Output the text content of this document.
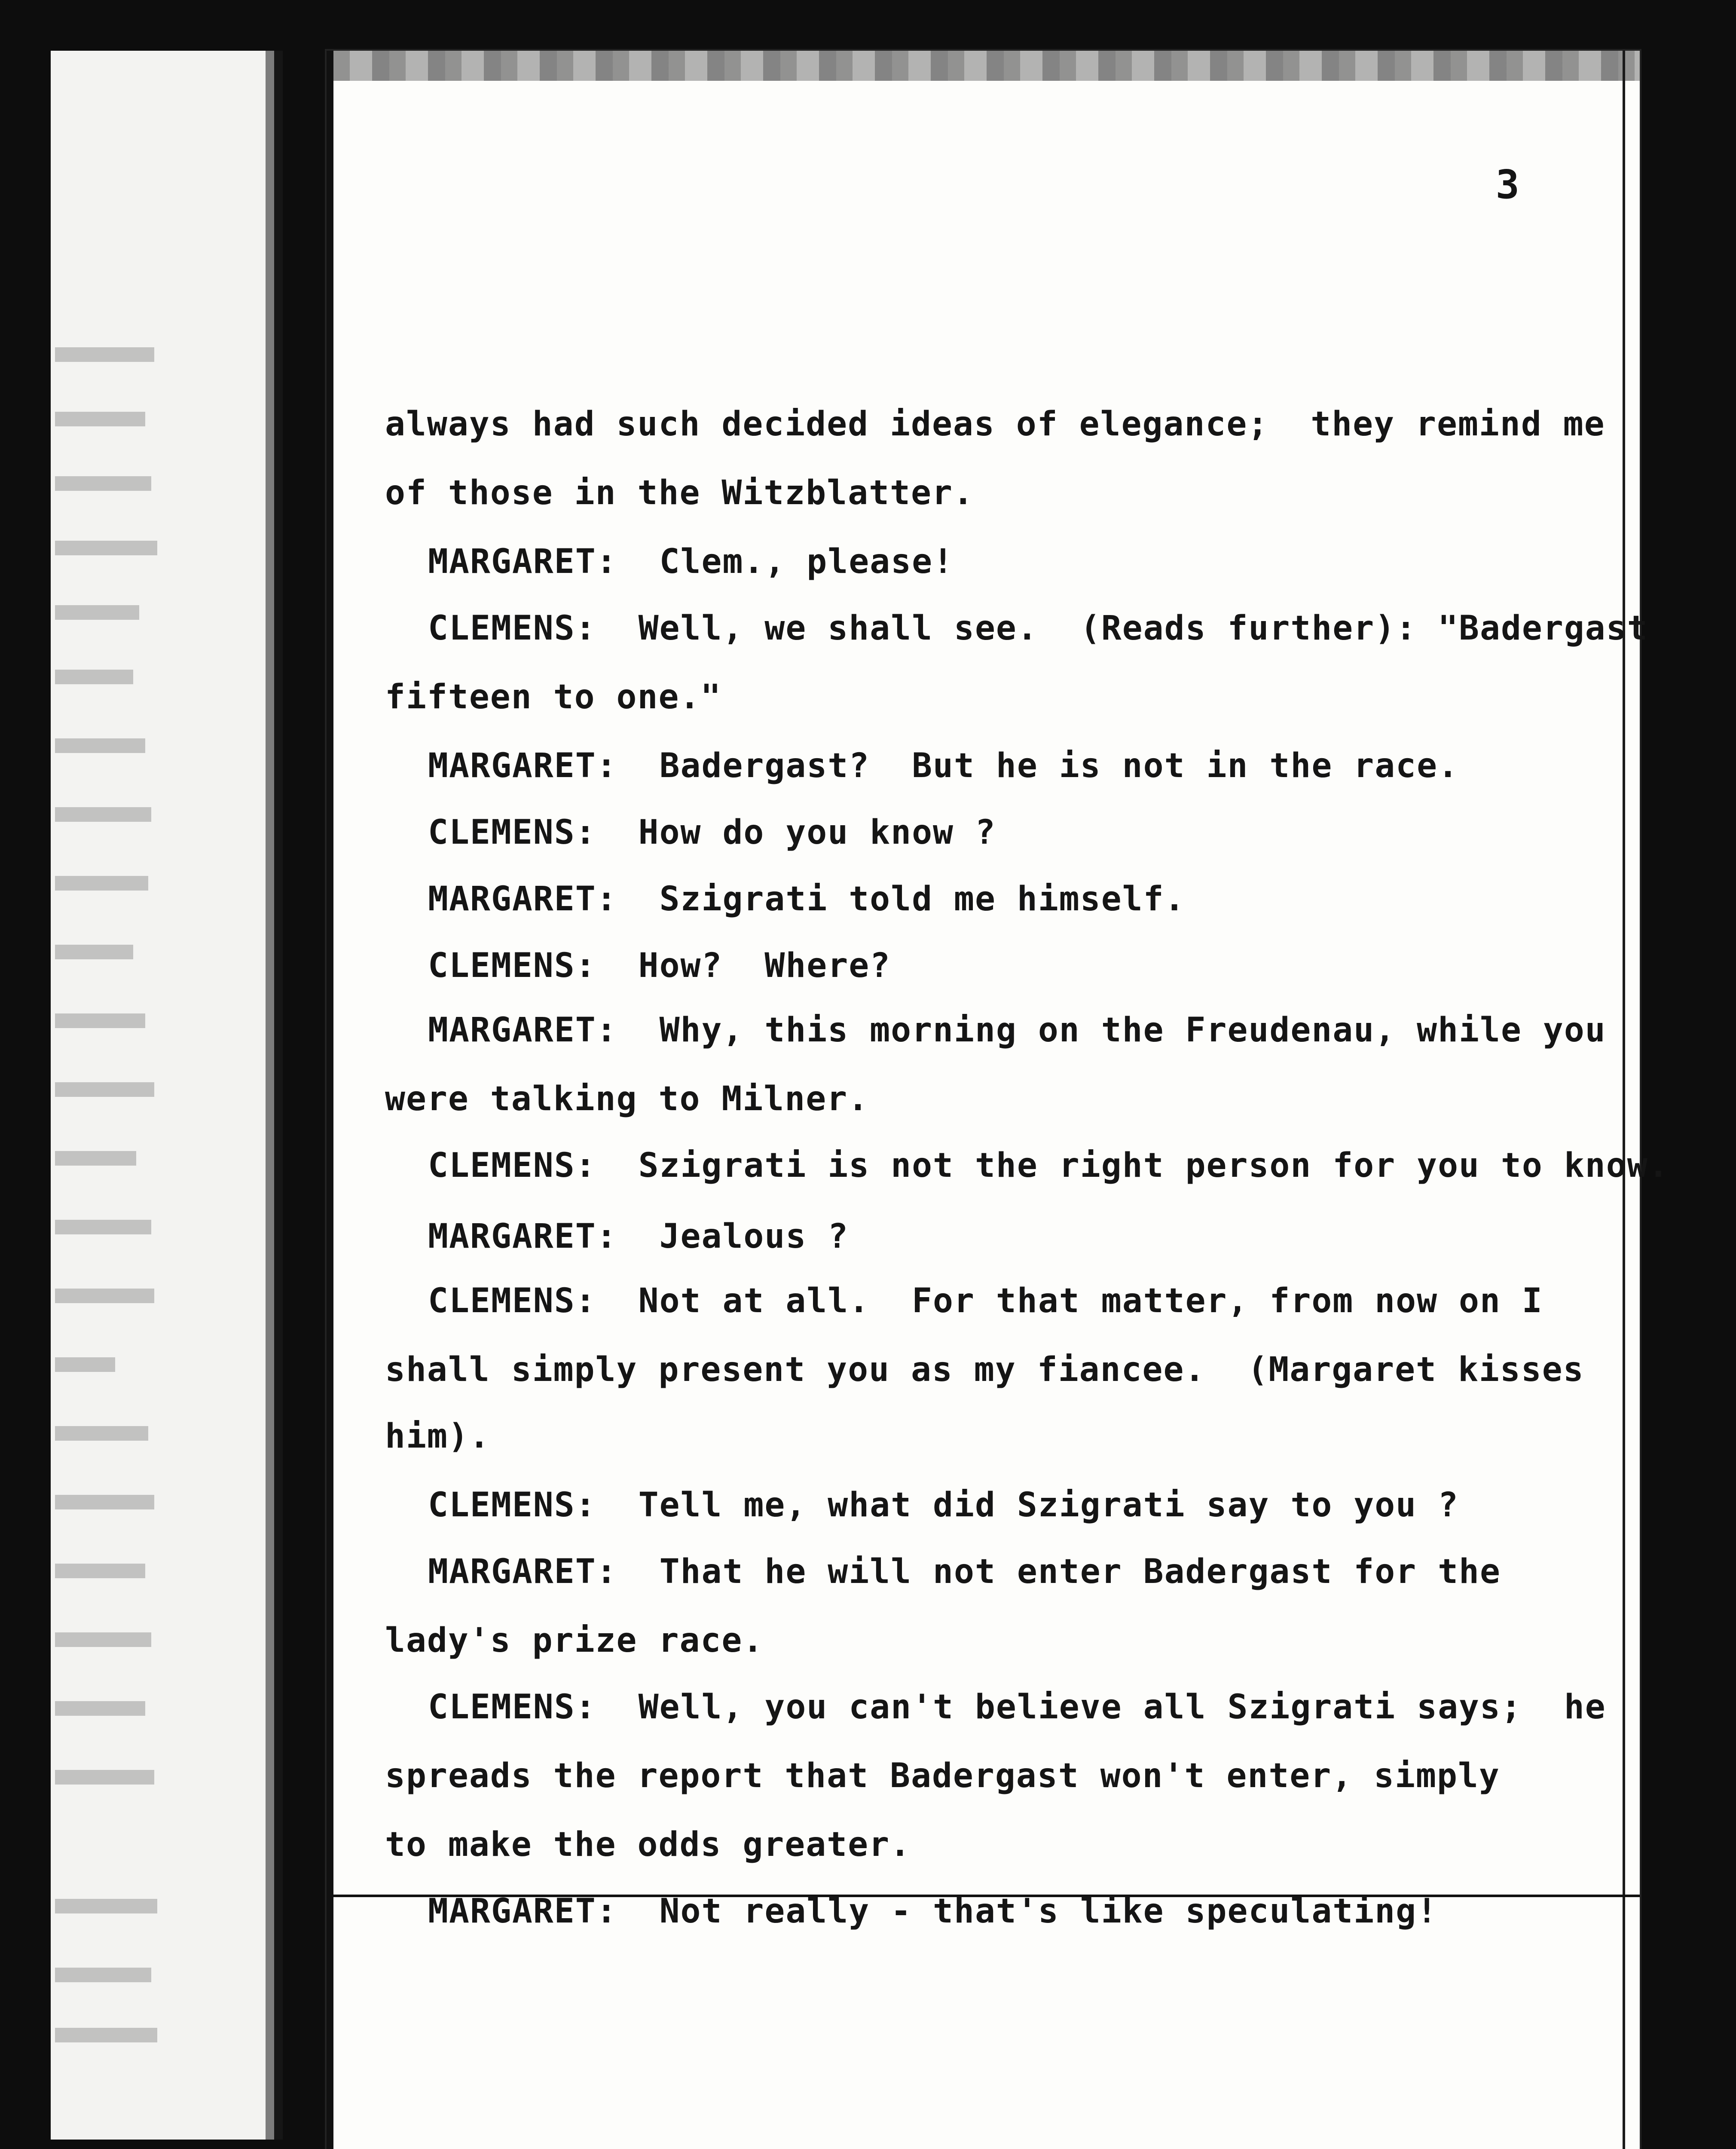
3
always had such decided ideas of elegance;  they remind me
of those in the Witzblatter.
MARGARET: Clem., please!
CLEMENS: Well, we shall see.  (Reads further): "Badergast
fifteen to one."
MARGARET: Badergast?  But he is not in the race.
CLEMENS: How do you know ?
MARGARET: Szigrati told me himself.
CLEMENS: How?  Where?
MARGARET: Why, this morning on the Freudenau, while you
were talking to Milner.
CLEMENS: Szigrati is not the right person for you to know.
MARGARET: Jealous ?
CLEMENS: Not at all.  For that matter, from now on I
shall simply present you as my fiancee.  (Margaret kisses
him).
CLEMENS: Tell me, what did Szigrati say to you ?
MARGARET: That he will not enter Badergast for the
lady's prize race.
CLEMENS: Well, you can't believe all Szigrati says;  he
spreads the report that Badergast won't enter, simply
to make the odds greater.
MARGARET: Not really - that's like speculating!
